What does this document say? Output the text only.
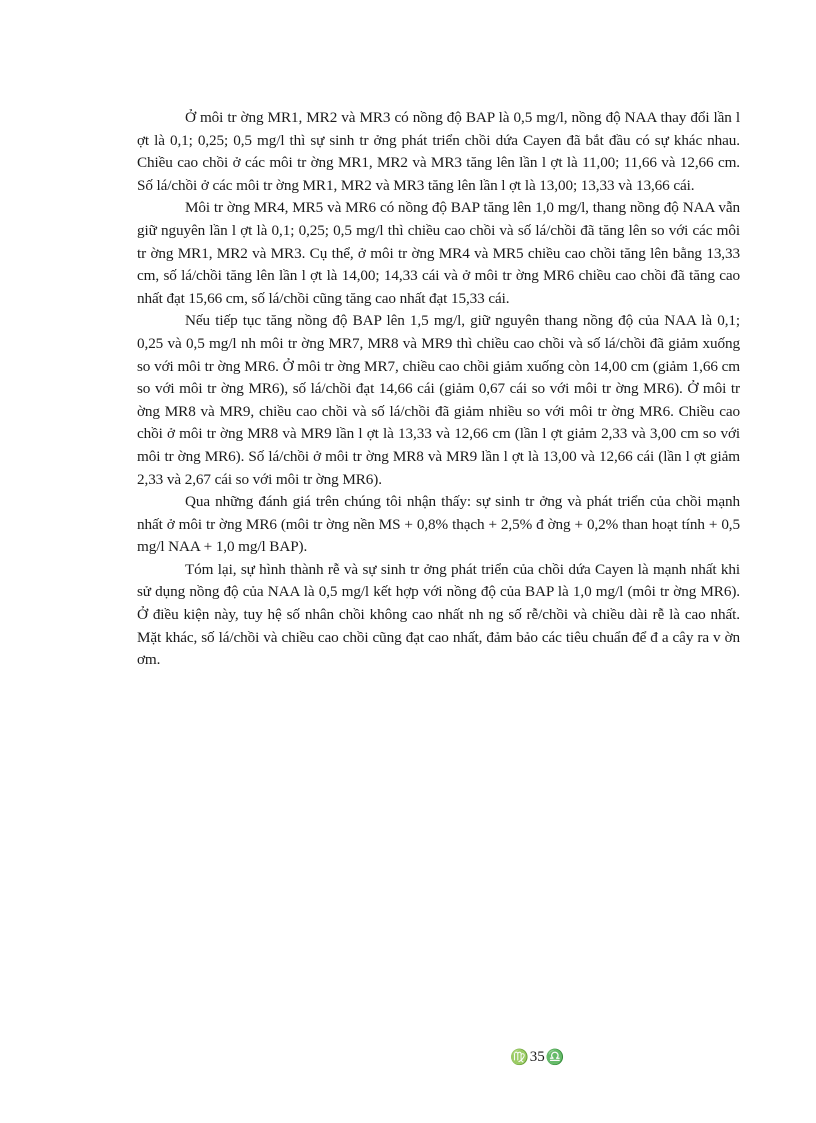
Ở môi tr ờng MR1, MR2 và MR3 có nồng độ BAP là 0,5 mg/l, nồng độ NAA thay đổi lần l ợt là 0,1; 0,25; 0,5 mg/l thì sự sinh tr ởng phát triển chồi dứa Cayen đã bắt đầu có sự khác nhau. Chiều cao chồi ở các môi tr ờng MR1, MR2 và MR3 tăng lên lần l ợt là 11,00; 11,66 và 12,66 cm. Số lá/chồi ở các môi tr ờng MR1, MR2 và MR3 tăng lên lần l ợt là 13,00; 13,33 và 13,66 cái.

Môi tr ờng MR4, MR5 và MR6 có nồng độ BAP tăng lên 1,0 mg/l, thang nồng độ NAA vẫn giữ nguyên lần l ợt là 0,1; 0,25; 0,5 mg/l thì chiều cao chồi và số lá/chồi đã tăng lên so với các môi tr ờng MR1, MR2 và MR3. Cụ thể, ở môi tr ờng MR4 và MR5 chiều cao chồi tăng lên bằng 13,33 cm, số lá/chồi tăng lên lần l ợt là 14,00; 14,33 cái và ở môi tr ờng MR6 chiều cao chồi đã tăng cao nhất đạt 15,66 cm, số lá/chồi cũng tăng cao nhất đạt 15,33 cái.

Nếu tiếp tục tăng nồng độ BAP lên 1,5 mg/l, giữ nguyên thang nồng độ của NAA là 0,1; 0,25 và 0,5 mg/l nh môi tr ờng MR7, MR8 và MR9 thì chiều cao chồi và số lá/chồi đã giảm xuống so với môi tr ờng MR6. Ở môi tr ờng MR7, chiều cao chồi giảm xuống còn 14,00 cm (giảm 1,66 cm so với môi tr ờng MR6), số lá/chồi đạt 14,66 cái (giảm 0,67 cái so với môi tr ờng MR6). Ở môi tr ờng MR8 và MR9, chiều cao chồi và số lá/chồi đã giảm nhiều so với môi tr ờng MR6. Chiều cao chồi ở môi tr ờng MR8 và MR9 lần l ợt là 13,33 và 12,66 cm (lần l ợt giảm 2,33 và 3,00 cm so với môi tr ờng MR6). Số lá/chồi ở môi tr ờng MR8 và MR9 lần l ợt là 13,00 và 12,66 cái (lần l ợt giảm 2,33 và 2,67 cái so với môi tr ờng MR6).

Qua những đánh giá trên chúng tôi nhận thấy: sự sinh tr ởng và phát triển của chồi mạnh nhất ở môi tr ờng MR6 (môi tr ờng nền MS + 0,8% thạch + 2,5% đ ờng + 0,2% than hoạt tính + 0,5 mg/l NAA + 1,0 mg/l BAP).

Tóm lại, sự hình thành rễ và sự sinh tr ởng phát triển của chồi dứa Cayen là mạnh nhất khi sử dụng nồng độ của NAA là 0,5 mg/l kết hợp với nồng độ của BAP là 1,0 mg/l (môi tr ờng MR6). Ở điều kiện này, tuy hệ số nhân chồi không cao nhất nh ng số rễ/chồi và chiều dài rễ là cao nhất. Mặt khác, số lá/chồi và chiều cao chồi cũng đạt cao nhất, đảm bảo các tiêu chuẩn để đ a cây ra v ờn ơm.

♍ 35 ♎
